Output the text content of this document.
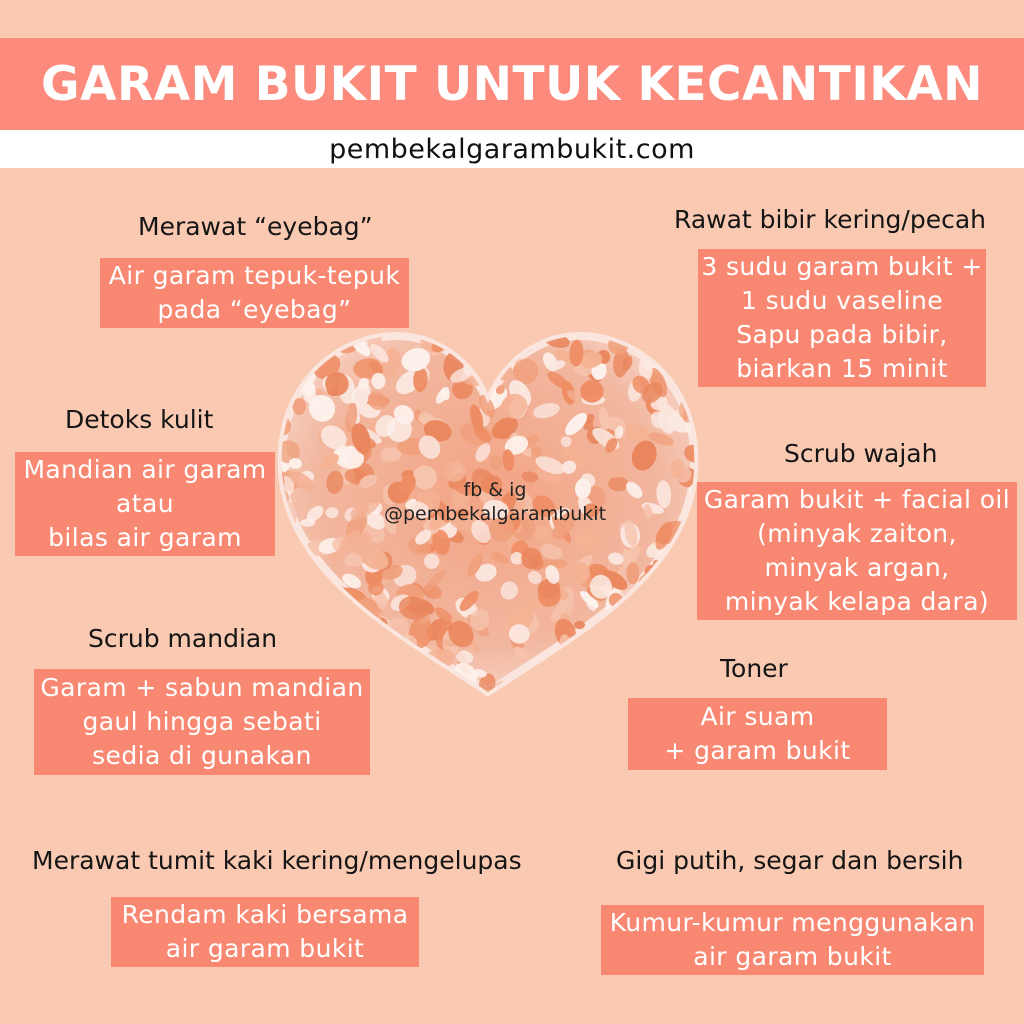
GARAM BUKIT UNTUK KECANTIKAN
pembekalgarambukit.com
fb & ig
@pembekalgarambukit
Merawat “eyebag”
Air garam tepuk-tepuk
pada “eyebag”
Rawat bibir kering/pecah
3 sudu garam bukit +
1 sudu vaseline
Sapu pada bibir,
biarkan 15 minit
Detoks kulit
Mandian air garam
atau
bilas air garam
Scrub wajah
Garam bukit + facial oil
(minyak zaiton,
minyak argan,
minyak kelapa dara)
Scrub mandian
Garam + sabun mandian
gaul hingga sebati
sedia di gunakan
Toner
Air suam
+ garam bukit
Merawat tumit kaki kering/mengelupas
Rendam kaki bersama
air garam bukit
Gigi putih, segar dan bersih
Kumur-kumur menggunakan
air garam bukit
